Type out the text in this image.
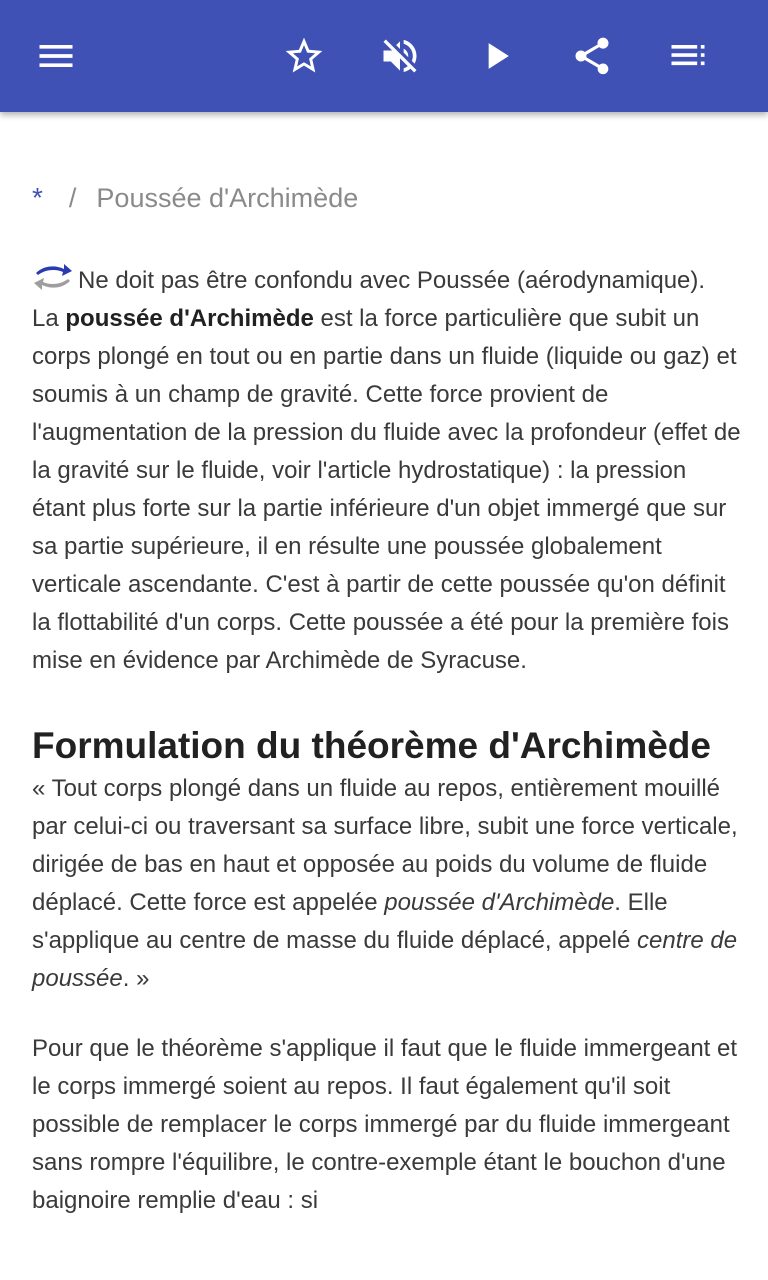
* / Poussée d'Archimède

Ne doit pas être confondu avec Poussée (aérodynamique).

La poussée d'Archimède est la force particulière que subit un corps plongé en tout ou en partie dans un fluide (liquide ou gaz) et soumis à un champ de gravité. Cette force provient de l'augmentation de la pression du fluide avec la profondeur (effet de la gravité sur le fluide, voir l'article hydrostatique) : la pression étant plus forte sur la partie inférieure d'un objet immergé que sur sa partie supérieure, il en résulte une poussée globalement verticale ascendante. C'est à partir de cette poussée qu'on définit la flottabilité d'un corps. Cette poussée a été pour la première fois mise en évidence par Archimède de Syracuse.

Formulation du théorème d'Archimède

« Tout corps plongé dans un fluide au repos, entièrement mouillé par celui-ci ou traversant sa surface libre, subit une force verticale, dirigée de bas en haut et opposée au poids du volume de fluide déplacé. Cette force est appelée poussée d'Archimède. Elle s'applique au centre de masse du fluide déplacé, appelé centre de poussée. »

Pour que le théorème s'applique il faut que le fluide immergeant et le corps immergé soient au repos. Il faut également qu'il soit possible de remplacer le corps immergé par du fluide immergeant sans rompre l'équilibre, le contre-exemple étant le bouchon d'une baignoire remplie d'eau : si
